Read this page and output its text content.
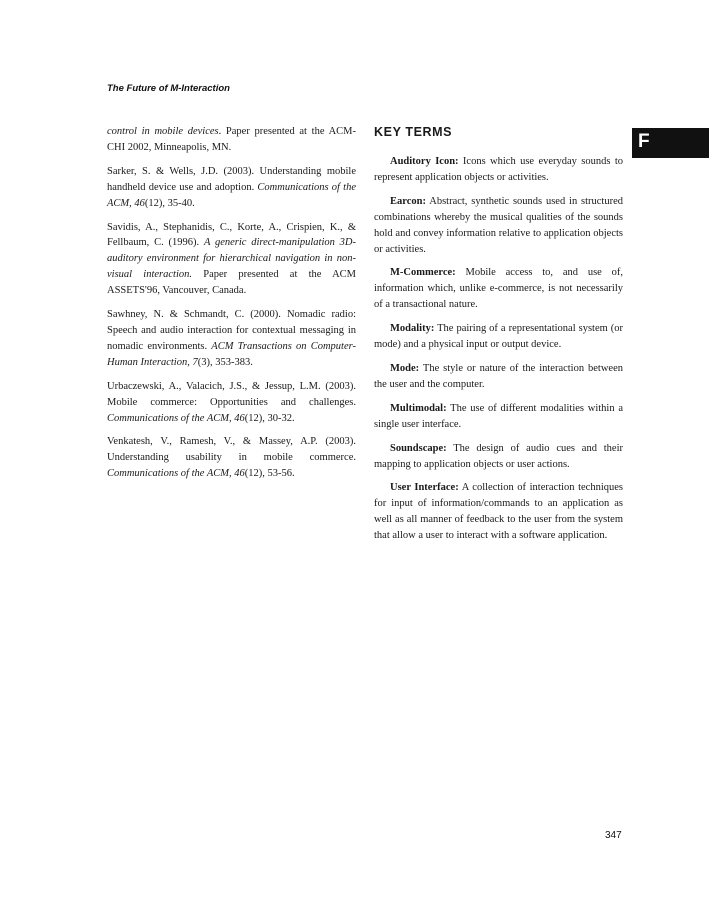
The Future of M-Interaction
F

control in mobile devices. Paper presented at the ACM-CHI 2002, Minneapolis, MN.

Sarker, S. & Wells, J.D. (2003). Understanding mobile handheld device use and adoption. Communications of the ACM, 46(12), 35-40.

Savidis, A., Stephanidis, C., Korte, A., Crispien, K., & Fellbaum, C. (1996). A generic direct-manipulation 3D-auditory environment for hierarchical navigation in non-visual interaction. Paper presented at the ACM ASSETS'96, Vancouver, Canada.

Sawhney, N. & Schmandt, C. (2000). Nomadic radio: Speech and audio interaction for contextual messaging in nomadic environments. ACM Transactions on Computer-Human Interaction, 7(3), 353-383.

Urbaczewski, A., Valacich, J.S., & Jessup, L.M. (2003). Mobile commerce: Opportunities and challenges. Communications of the ACM, 46(12), 30-32.

Venkatesh, V., Ramesh, V., & Massey, A.P. (2003). Understanding usability in mobile commerce. Communications of the ACM, 46(12), 53-56.

KEY TERMS

Auditory Icon: Icons which use everyday sounds to represent application objects or activities.

Earcon: Abstract, synthetic sounds used in structured combinations whereby the musical qualities of the sounds hold and convey information relative to application objects or activities.

M-Commerce: Mobile access to, and use of, information which, unlike e-commerce, is not necessarily of a transactional nature.

Modality: The pairing of a representational system (or mode) and a physical input or output device.

Mode: The style or nature of the interaction between the user and the computer.

Multimodal: The use of different modalities within a single user interface.

Soundscape: The design of audio cues and their mapping to application objects or user actions.

User Interface: A collection of interaction techniques for input of information/commands to an application as well as all manner of feedback to the user from the system that allow a user to interact with a software application.

347
